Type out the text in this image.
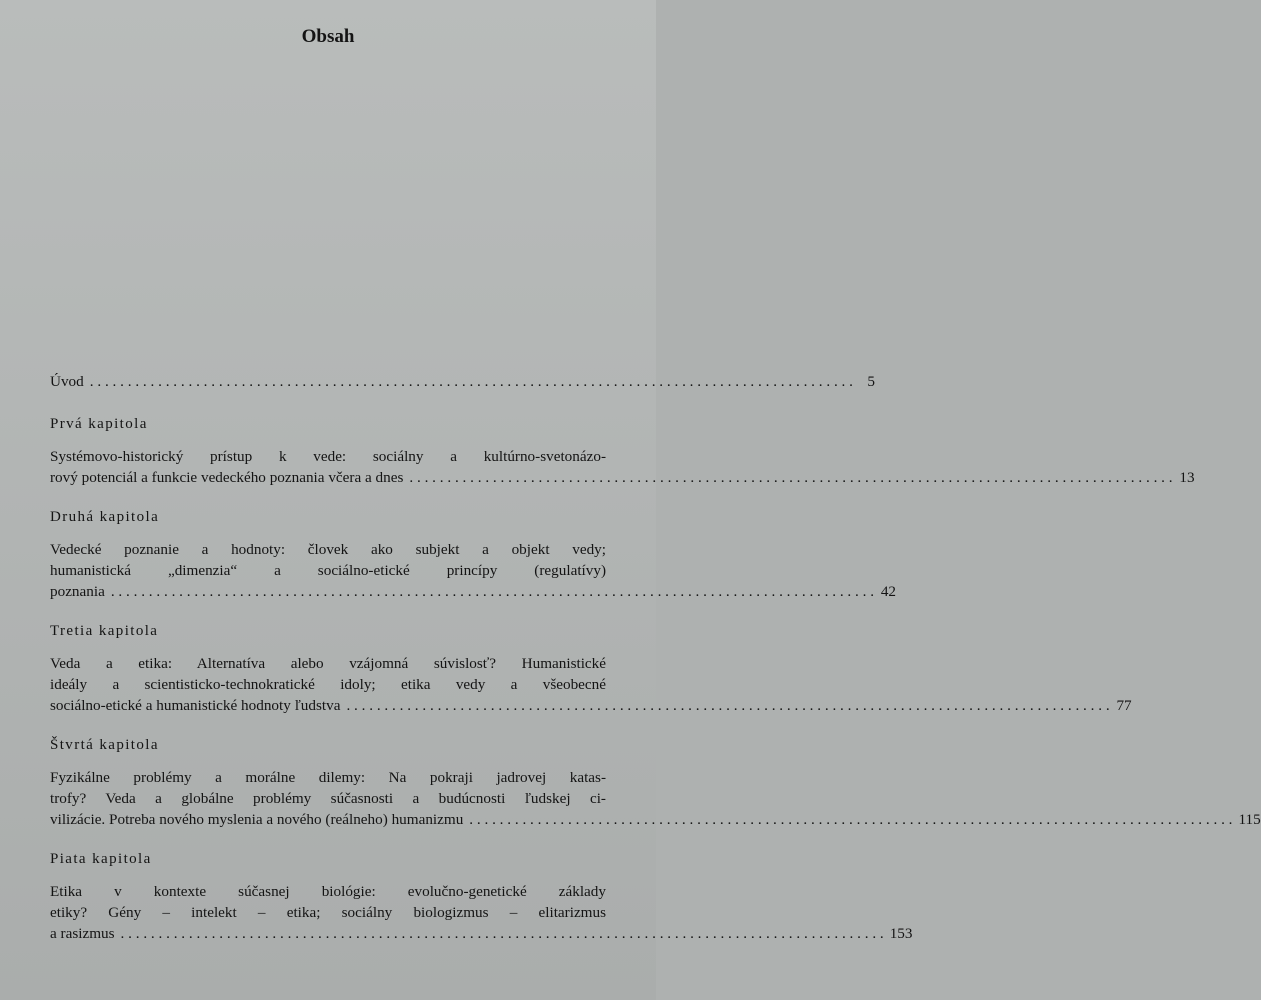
Obsah
Úvod . . .	5
Prvá kapitola
Systémovo-historický prístup k vede: sociálny a kultúrno-svetonázo-
rový potenciál a funkcie vedeckého poznania včera a dnes . . .	13
Druhá kapitola
Vedecké poznanie a hodnoty: človek ako subjekt a objekt vedy;
humanistická „dimenzia“ a sociálno-etické princípy (regulatívy)
poznania . . .	42
Tretia kapitola
Veda a etika: Alternatíva alebo vzájomná súvislosť? Humanistické
ideály a scientisticko-technokratické idoly; etika vedy a všeobecné
sociálno-etické a humanistické hodnoty ľudstva . . .	77
Štvrtá kapitola
Fyzikálne problémy a morálne dilemy: Na pokraji jadrovej katas-
trofy? Veda a globálne problémy súčasnosti a budúcnosti ľudskej ci-
vilizácie. Potreba nového myslenia a nového (reálneho) humanizmu . . .	115
Piata kapitola
Etika v kontexte súčasnej biológie: evolučno-genetické základy
etiky? Gény – intelekt – etika; sociálny biologizmus – elitarizmus
a rasizmus . . .	153
